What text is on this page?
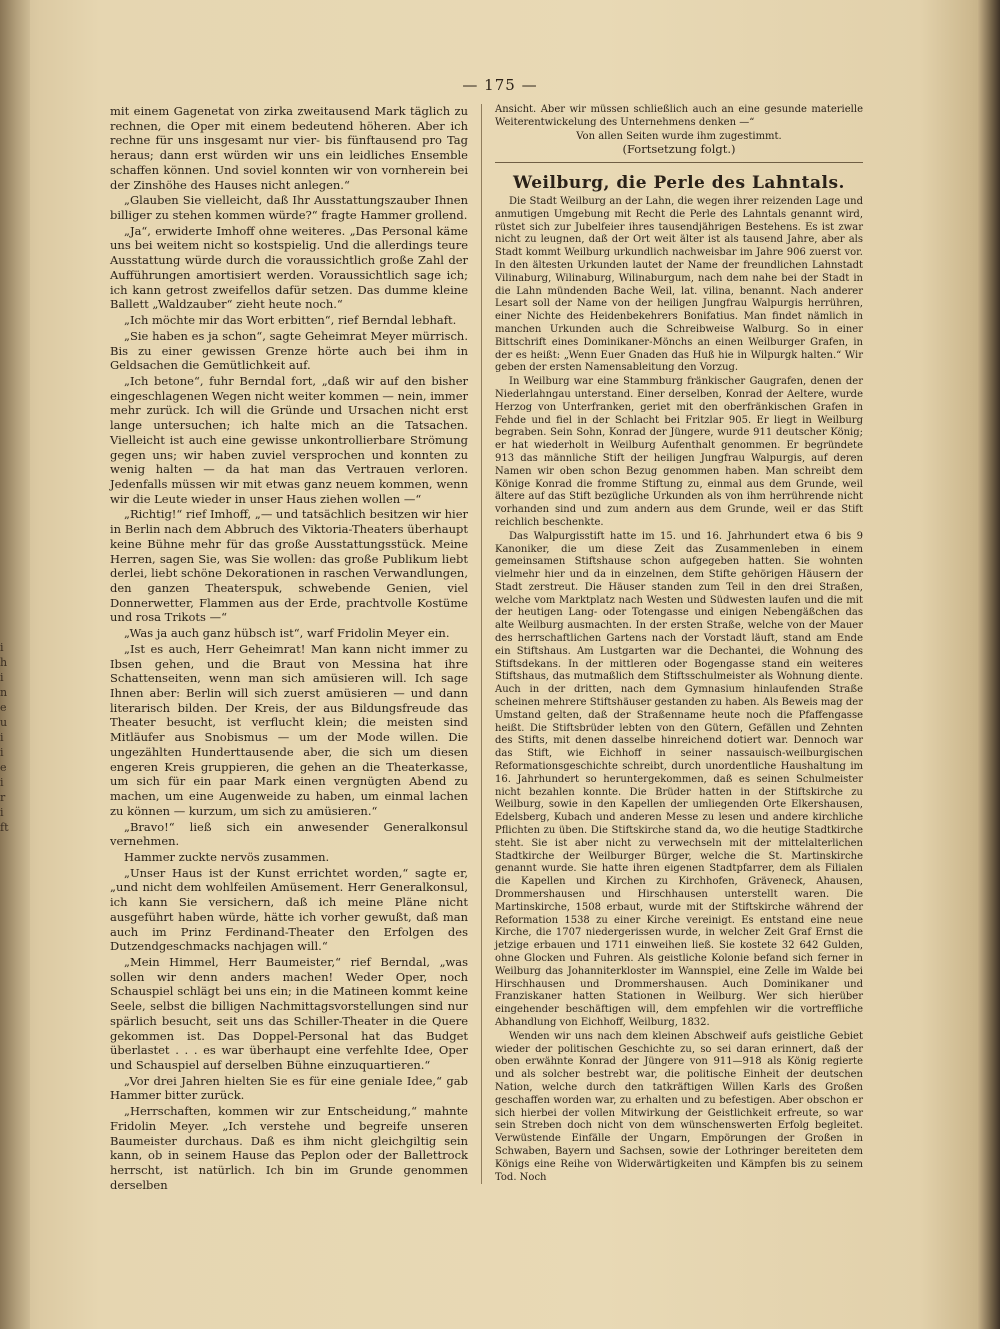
i h i n e u i i e i r i ft
— 175 —

mit einem Gagenetat von zirka zweitausend Mark täglich zu rechnen, die Oper mit einem bedeutend höheren. Aber ich rechne für uns insgesamt nur vier- bis fünftausend pro Tag heraus; dann erst würden wir uns ein leidliches Ensemble schaffen können. Und soviel konnten wir von vornherein bei der Zinshöhe des Hauses nicht anlegen.“

„Glauben Sie vielleicht, daß Ihr Ausstattungszauber Ihnen billiger zu stehen kommen würde?“ fragte Hammer grollend.

„Ja“, erwiderte Imhoff ohne weiteres. „Das Personal käme uns bei weitem nicht so kostspielig. Und die allerdings teure Ausstattung würde durch die voraussichtlich große Zahl der Aufführungen amortisiert werden. Voraussichtlich sage ich; ich kann getrost zweifellos dafür setzen. Das dumme kleine Ballett „Waldzauber“ zieht heute noch.“

„Ich möchte mir das Wort erbitten“, rief Berndal lebhaft.

„Sie haben es ja schon“, sagte Geheimrat Meyer mürrisch. Bis zu einer gewissen Grenze hörte auch bei ihm in Geldsachen die Gemütlichkeit auf.

„Ich betone“, fuhr Berndal fort, „daß wir auf den bisher eingeschlagenen Wegen nicht weiter kommen — nein, immer mehr zurück. Ich will die Gründe und Ursachen nicht erst lange untersuchen; ich halte mich an die Tatsachen. Vielleicht ist auch eine gewisse unkontrollierbare Strömung gegen uns; wir haben zuviel versprochen und konnten zu wenig halten — da hat man das Vertrauen verloren. Jedenfalls müssen wir mit etwas ganz neuem kommen, wenn wir die Leute wieder in unser Haus ziehen wollen —“

„Richtig!“ rief Imhoff, „— und tatsächlich besitzen wir hier in Berlin nach dem Abbruch des Viktoria-Theaters überhaupt keine Bühne mehr für das große Ausstattungsstück. Meine Herren, sagen Sie, was Sie wollen: das große Publikum liebt derlei, liebt schöne Dekorationen in raschen Verwandlungen, den ganzen Theaterspuk, schwebende Genien, viel Donnerwetter, Flammen aus der Erde, prachtvolle Kostüme und rosa Trikots —“

„Was ja auch ganz hübsch ist“, warf Fridolin Meyer ein.

„Ist es auch, Herr Geheimrat! Man kann nicht immer zu Ibsen gehen, und die Braut von Messina hat ihre Schattenseiten, wenn man sich amüsieren will. Ich sage Ihnen aber: Berlin will sich zuerst amüsieren — und dann literarisch bilden. Der Kreis, der aus Bildungsfreude das Theater besucht, ist verflucht klein; die meisten sind Mitläufer aus Snobismus — um der Mode willen. Die ungezählten Hunderttausende aber, die sich um diesen engeren Kreis gruppieren, die gehen an die Theaterkasse, um sich für ein paar Mark einen vergnügten Abend zu machen, um eine Augenweide zu haben, um einmal lachen zu können — kurzum, um sich zu amüsieren.“

„Bravo!“ ließ sich ein anwesender Generalkonsul vernehmen.

Hammer zuckte nervös zusammen.

„Unser Haus ist der Kunst errichtet worden,“ sagte er, „und nicht dem wohlfeilen Amüsement. Herr Generalkonsul, ich kann Sie versichern, daß ich meine Pläne nicht ausgeführt haben würde, hätte ich vorher gewußt, daß man auch im Prinz Ferdinand-Theater den Erfolgen des Dutzendgeschmacks nachjagen will.“

„Mein Himmel, Herr Baumeister,“ rief Berndal, „was sollen wir denn anders machen! Weder Oper, noch Schauspiel schlägt bei uns ein; in die Matineen kommt keine Seele, selbst die billigen Nachmittagsvorstellungen sind nur spärlich besucht, seit uns das Schiller-Theater in die Quere gekommen ist. Das Doppel-Personal hat das Budget überlastet . . . es war überhaupt eine verfehlte Idee, Oper und Schauspiel auf derselben Bühne einzuquartieren.“

„Vor drei Jahren hielten Sie es für eine geniale Idee,“ gab Hammer bitter zurück.

„Herrschaften, kommen wir zur Entscheidung,“ mahnte Fridolin Meyer. „Ich verstehe und begreife unseren Baumeister durchaus. Daß es ihm nicht gleichgiltig sein kann, ob in seinem Hause das Peplon oder der Ballettrock herrscht, ist natürlich. Ich bin im Grunde genommen derselben

Ansicht. Aber wir müssen schließlich auch an eine gesunde materielle Weiterentwickelung des Unternehmens denken —“

Von allen Seiten wurde ihm zugestimmt.

(Fortsetzung folgt.)

Weilburg, die Perle des Lahntals.

Die Stadt Weilburg an der Lahn, die wegen ihrer reizenden Lage und anmutigen Umgebung mit Recht die Perle des Lahntals genannt wird, rüstet sich zur Jubelfeier ihres tausendjährigen Bestehens. Es ist zwar nicht zu leugnen, daß der Ort weit älter ist als tausend Jahre, aber als Stadt kommt Weilburg urkundlich nachweisbar im Jahre 906 zuerst vor. In den ältesten Urkunden lautet der Name der freundlichen Lahnstadt Vilinaburg, Wilinaburg, Wilinaburgum, nach dem nahe bei der Stadt in die Lahn mündenden Bache Weil, lat. vilina, benannt. Nach anderer Lesart soll der Name von der heiligen Jungfrau Walpurgis herrühren, einer Nichte des Heidenbekehrers Bonifatius. Man findet nämlich in manchen Urkunden auch die Schreibweise Walburg. So in einer Bittschrift eines Dominikaner-Mönchs an einen Weilburger Grafen, in der es heißt: „Wenn Euer Gnaden das Huß hie in Wilpurgk halten.“ Wir geben der ersten Namensableitung den Vorzug.

In Weilburg war eine Stammburg fränkischer Gaugrafen, denen der Niederlahngau unterstand. Einer derselben, Konrad der Aeltere, wurde Herzog von Unterfranken, geriet mit den oberfränkischen Grafen in Fehde und fiel in der Schlacht bei Fritzlar 905. Er liegt in Weilburg begraben. Sein Sohn, Konrad der Jüngere, wurde 911 deutscher König; er hat wiederholt in Weilburg Aufenthalt genommen. Er begründete 913 das männliche Stift der heiligen Jungfrau Walpurgis, auf deren Namen wir oben schon Bezug genommen haben. Man schreibt dem Könige Konrad die fromme Stiftung zu, einmal aus dem Grunde, weil ältere auf das Stift bezügliche Urkunden als von ihm herrührende nicht vorhanden sind und zum andern aus dem Grunde, weil er das Stift reichlich beschenkte.

Das Walpurgisstift hatte im 15. und 16. Jahrhundert etwa 6 bis 9 Kanoniker, die um diese Zeit das Zusammenleben in einem gemeinsamen Stiftshause schon aufgegeben hatten. Sie wohnten vielmehr hier und da in einzelnen, dem Stifte gehörigen Häusern der Stadt zerstreut. Die Häuser standen zum Teil in den drei Straßen, welche vom Marktplatz nach Westen und Südwesten laufen und die mit der heutigen Lang- oder Totengasse und einigen Nebengäßchen das alte Weilburg ausmachten. In der ersten Straße, welche von der Mauer des herrschaftlichen Gartens nach der Vorstadt läuft, stand am Ende ein Stiftshaus. Am Lustgarten war die Dechantei, die Wohnung des Stiftsdekans. In der mittleren oder Bogengasse stand ein weiteres Stiftshaus, das mutmaßlich dem Stiftsschulmeister als Wohnung diente. Auch in der dritten, nach dem Gymnasium hinlaufenden Straße scheinen mehrere Stiftshäuser gestanden zu haben. Als Beweis mag der Umstand gelten, daß der Straßenname heute noch die Pfaffengasse heißt. Die Stiftsbrüder lebten von den Gütern, Gefällen und Zehnten des Stifts, mit denen dasselbe hinreichend dotiert war. Dennoch war das Stift, wie Eichhoff in seiner nassauisch-weilburgischen Reformationsgeschichte schreibt, durch unordentliche Haushaltung im 16. Jahrhundert so heruntergekommen, daß es seinen Schulmeister nicht bezahlen konnte. Die Brüder hatten in der Stiftskirche zu Weilburg, sowie in den Kapellen der umliegenden Orte Elkershausen, Edelsberg, Kubach und anderen Messe zu lesen und andere kirchliche Pflichten zu üben. Die Stiftskirche stand da, wo die heutige Stadtkirche steht. Sie ist aber nicht zu verwechseln mit der mittelalterlichen Stadtkirche der Weilburger Bürger, welche die St. Martinskirche genannt wurde. Sie hatte ihren eigenen Stadtpfarrer, dem als Filialen die Kapellen und Kirchen zu Kirchhofen, Gräveneck, Ahausen, Drommershausen und Hirschhausen unterstellt waren. Die Martinskirche, 1508 erbaut, wurde mit der Stiftskirche während der Reformation 1538 zu einer Kirche vereinigt. Es entstand eine neue Kirche, die 1707 niedergerissen wurde, in welcher Zeit Graf Ernst die jetzige erbauen und 1711 einweihen ließ. Sie kostete 32 642 Gulden, ohne Glocken und Fuhren. Als geistliche Kolonie befand sich ferner in Weilburg das Johanniterkloster im Wannspiel, eine Zelle im Walde bei Hirschhausen und Drommershausen. Auch Dominikaner und Franziskaner hatten Stationen in Weilburg. Wer sich hierüber eingehender beschäftigen will, dem empfehlen wir die vortreffliche Abhandlung von Eichhoff, Weilburg, 1832.

Wenden wir uns nach dem kleinen Abschweif aufs geistliche Gebiet wieder der politischen Geschichte zu, so sei daran erinnert, daß der oben erwähnte Konrad der Jüngere von 911—918 als König regierte und als solcher bestrebt war, die politische Einheit der deutschen Nation, welche durch den tatkräftigen Willen Karls des Großen geschaffen worden war, zu erhalten und zu befestigen. Aber obschon er sich hierbei der vollen Mitwirkung der Geistlichkeit erfreute, so war sein Streben doch nicht von dem wünschenswerten Erfolg begleitet. Verwüstende Einfälle der Ungarn, Empörungen der Großen in Schwaben, Bayern und Sachsen, sowie der Lothringer bereiteten dem Königs eine Reihe von Widerwärtigkeiten und Kämpfen bis zu seinem Tod. Noch
